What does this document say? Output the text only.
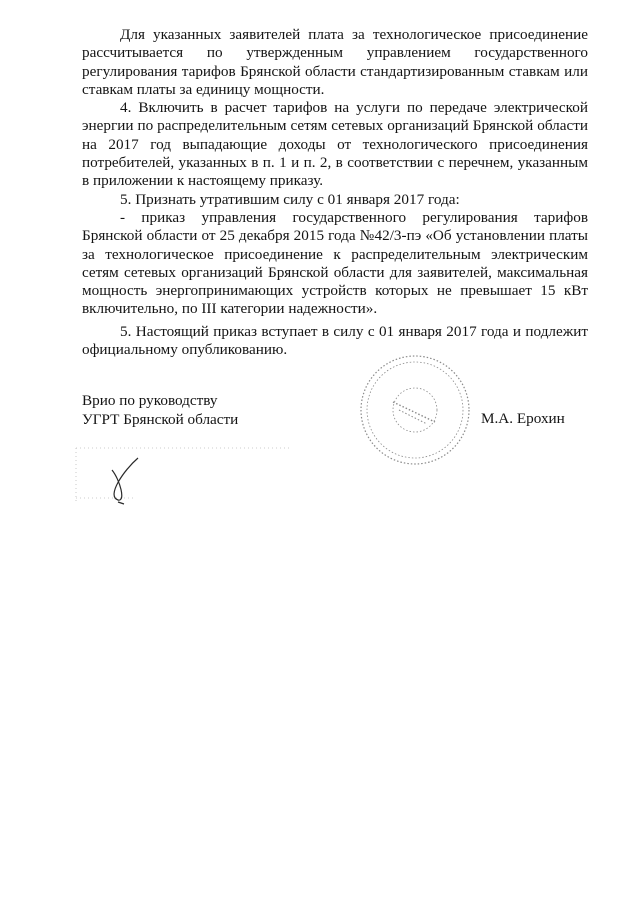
Для указанных заявителей плата за технологическое присоединение рассчитывается по утвержденным управлением государственного регулирования тарифов Брянской области стандартизированным ставкам или ставкам платы за единицу мощности.

4. Включить в расчет тарифов на услуги по передаче электрической энергии по распределительным сетям сетевых организаций Брянской области на 2017 год выпадающие доходы от технологического присоединения потребителей, указанных в п. 1 и п. 2, в соответствии с перечнем, указанным в приложении к настоящему приказу.

5. Признать утратившим силу с 01 января 2017 года:

- приказ управления государственного регулирования тарифов Брянской области от 25 декабря 2015 года №42/3-пэ «Об установлении платы за технологическое присоединение к распределительным электрическим сетям сетевых организаций Брянской области для заявителей, максимальная мощность энергопринимающих устройств которых не превышает 15 кВт включительно, по III категории надежности».

5. Настоящий приказ вступает в силу с 01 января 2017 года и подлежит официальному опубликованию.

Врио по руководству
УГРТ Брянской области	М.А. Ерохин
